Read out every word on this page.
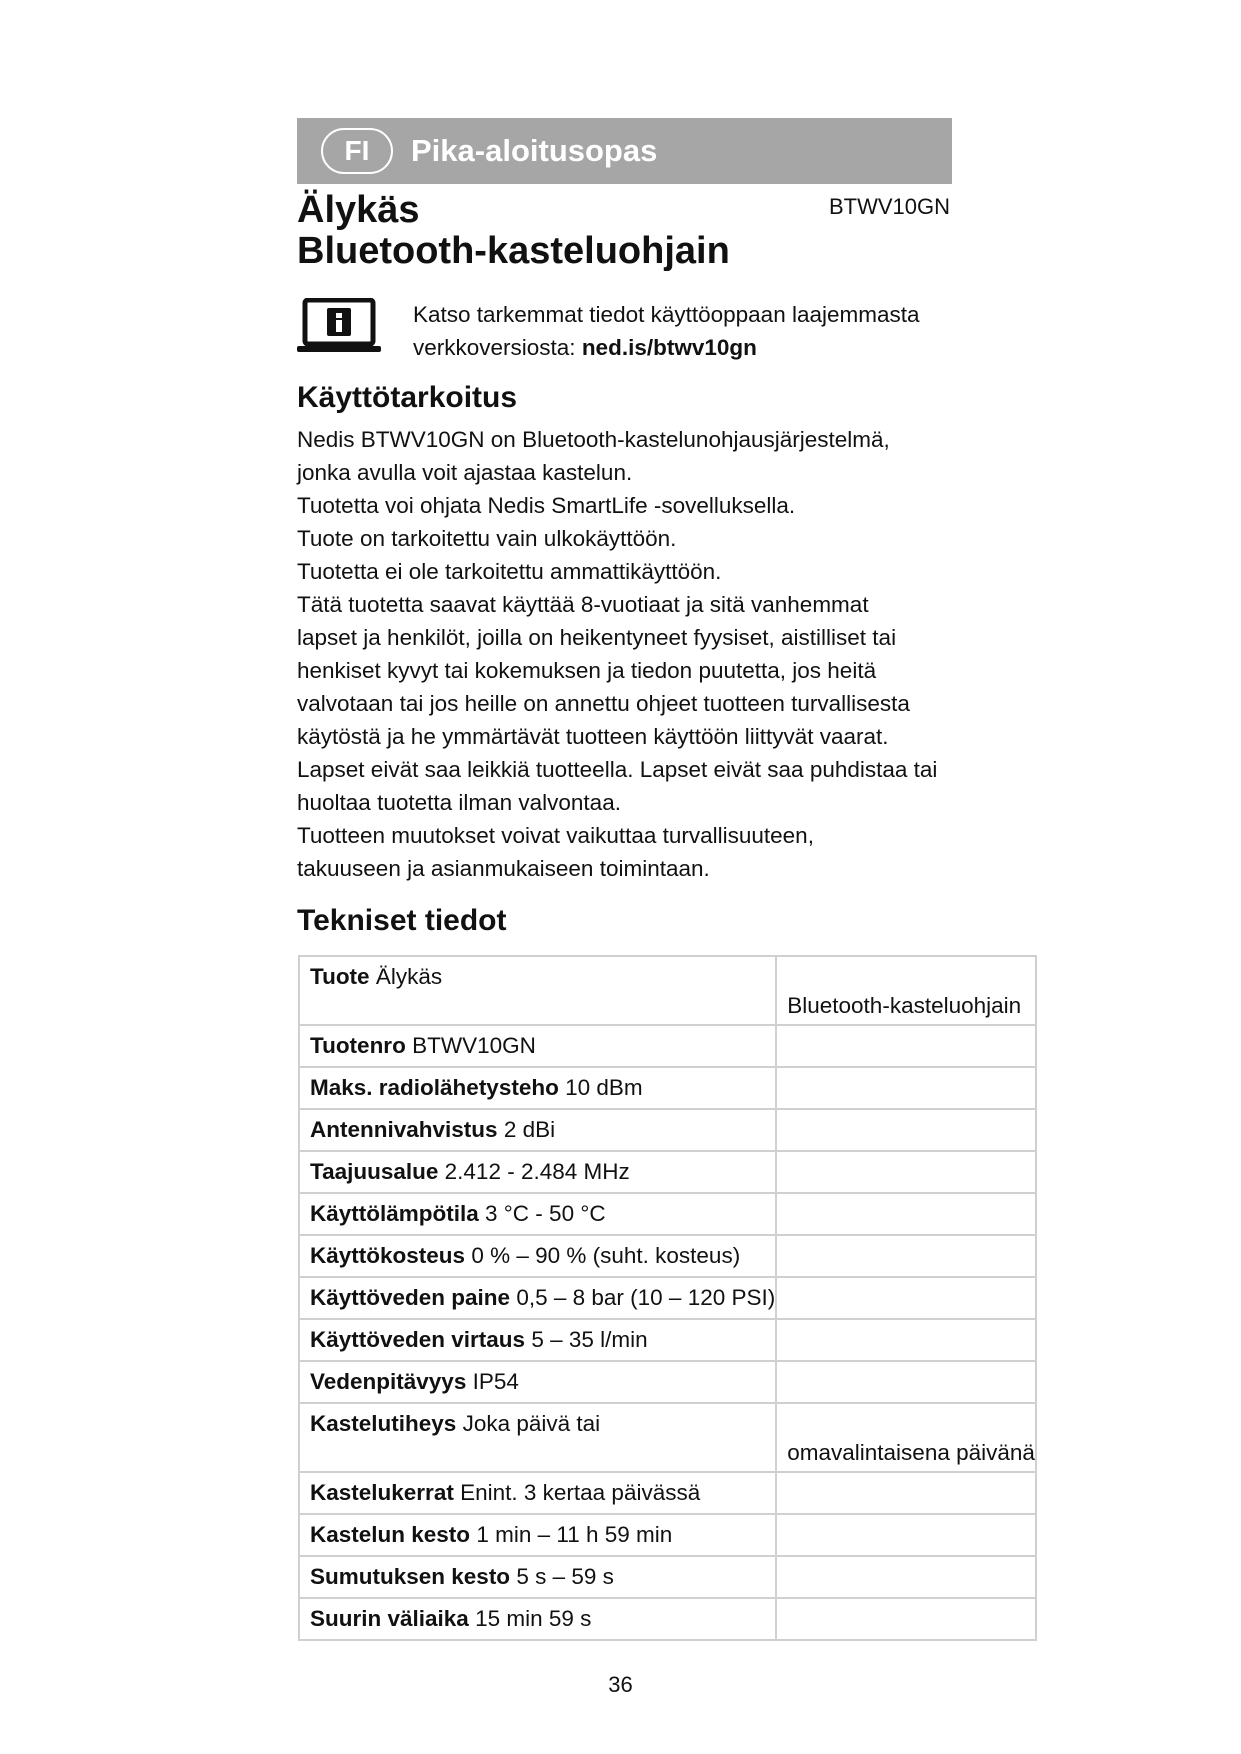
FI	Pika-aloitusopas
Älykäs
Bluetooth-kasteluohjain
BTWV10GN
Katso tarkemmat tiedot käyttöoppaan laajemmasta
verkkoversiosta: ned.is/btwv10gn
Käyttötarkoitus

Nedis BTWV10GN on Bluetooth-kastelunohjausjärjestelmä,

jonka avulla voit ajastaa kastelun.

Tuotetta voi ohjata Nedis SmartLife -sovelluksella.

Tuote on tarkoitettu vain ulkokäyttöön.

Tuotetta ei ole tarkoitettu ammattikäyttöön.

Tätä tuotetta saavat käyttää 8-vuotiaat ja sitä vanhemmat

lapset ja henkilöt, joilla on heikentyneet fyysiset, aistilliset tai

henkiset kyvyt tai kokemuksen ja tiedon puutetta, jos heitä

valvotaan tai jos heille on annettu ohjeet tuotteen turvallisesta

käytöstä ja he ymmärtävät tuotteen käyttöön liittyvät vaarat.

Lapset eivät saa leikkiä tuotteella. Lapset eivät saa puhdistaa tai

huoltaa tuotetta ilman valvontaa.

Tuotteen muutokset voivat vaikuttaa turvallisuuteen,

takuuseen ja asianmukaiseen toimintaan.

Tekniset tiedot
Tuote Älykäs	Bluetooth-kasteluohjain

Tuotenro BTWV10GN	

Maks. radiolähetysteho 10 dBm	

Antennivahvistus 2 dBi	

Taajuusalue 2.412 - 2.484 MHz	

Käyttölämpötila 3 °C - 50 °C	

Käyttökosteus 0 % – 90 % (suht. kosteus)	

Käyttöveden paine 0,5 – 8 bar (10 – 120 PSI)	

Käyttöveden virtaus 5 – 35 l/min	

Vedenpitävyys IP54	

Kastelutiheys Joka päivä tai	omavalintaisena päivänä

Kastelukerrat Enint. 3 kertaa päivässä	

Kastelun kesto 1 min – 11 h 59 min	

Sumutuksen kesto 5 s – 59 s	

Suurin väliaika 15 min 59 s	

36
